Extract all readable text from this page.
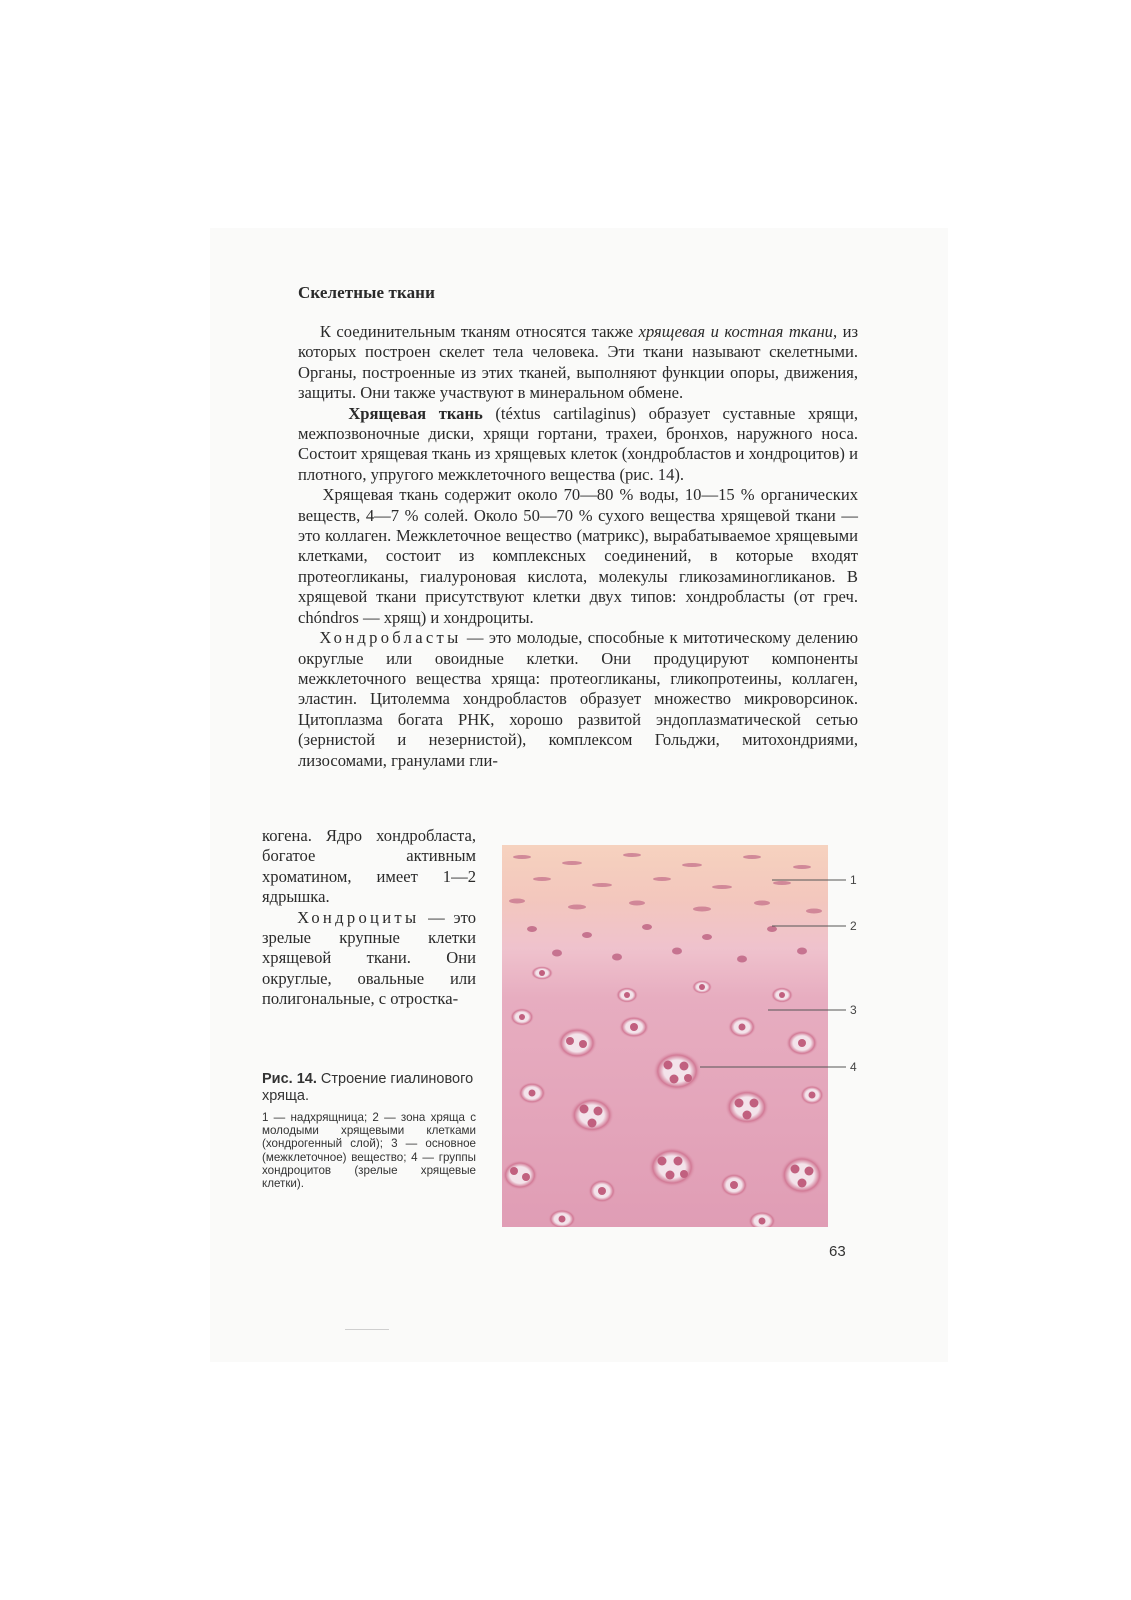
Скелетные ткани

К соединительным тканям относятся также хрящевая и костная ткани, из которых построен скелет тела человека. Эти ткани называют скелетными. Органы, построенные из этих тканей, выполняют функции опоры, движения, защиты. Они также участвуют в минеральном обмене.

Хрящевая ткань (téxtus cartilaginus) образует суставные хрящи, межпозвоночные диски, хрящи гортани, трахеи, бронхов, наружного носа. Состоит хрящевая ткань из хрящевых клеток (хондробластов и хондроцитов) и плотного, упругого межклеточного вещества (рис. 14).

Хрящевая ткань содержит около 70—80 % воды, 10—15 % органических веществ, 4—7 % солей. Около 50—70 % сухого вещества хрящевой ткани — это коллаген. Межклеточное вещество (матрикс), вырабатываемое хрящевыми клетками, состоит из комплексных соединений, в которые входят протеогликаны, гиалуроновая кислота, молекулы гликозаминогликанов. В хрящевой ткани присутствуют клетки двух типов: хондробласты (от греч. chóndros — хрящ) и хондроциты.

Хондробласты — это молодые, способные к митотическому делению округлые или овоидные клетки. Они продуцируют компоненты межклеточного вещества хряща: протеогликаны, гликопротеины, коллаген, эластин. Цитолемма хондробластов образует множество микроворсинок. Цитоплазма богата РНК, хорошо развитой эндоплазматической сетью (зернистой и незернистой), комплексом Гольджи, митохондриями, лизосомами, гранулами гли-

когена. Ядро хондробласта, богатое активным хроматином, имеет 1—2 ядрышка.

Хондроциты — это зрелые крупные клетки хрящевой ткани. Они округлые, овальные или полигональные, с отростка-

Рис. 14. Строение гиалинового хряща.
1 — надхрящница; 2 — зона хряща с молодыми хрящевыми клетками (хондрогенный слой); 3 — основное (межклеточное) вещество; 4 — группы хондроцитов (зрелые хрящевые клетки).
1
2
3
4
63
